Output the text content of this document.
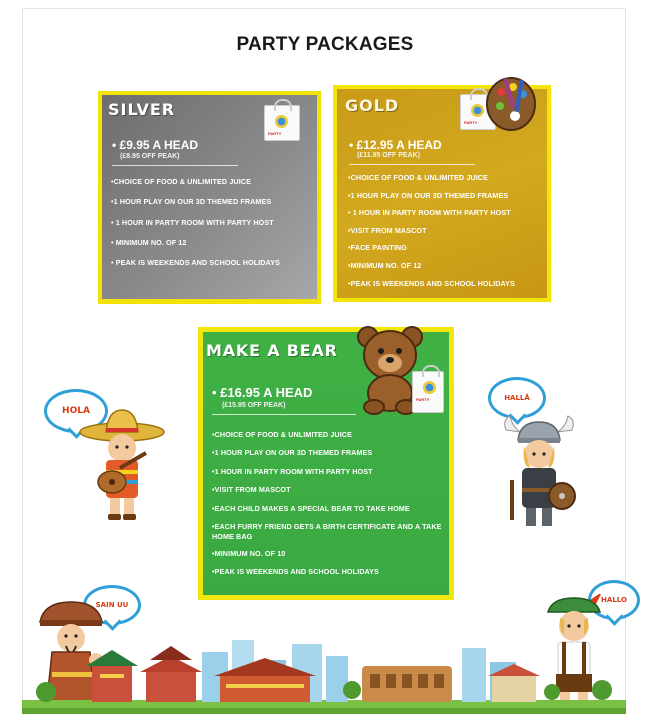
PARTY PACKAGES
SILVER
PARTY
• £9.95 A HEAD
(£8.95 OFF PEAK)
•CHOICE OF FOOD & UNLIMITED JUICE
•1 HOUR PLAY ON OUR 3D THEMED FRAMES
• 1 HOUR IN PARTY ROOM WITH PARTY HOST
• MINIMUM NO. OF 12
• PEAK IS WEEKENDS AND SCHOOL HOLIDAYS
GOLD
PARTY
• £12.95 A HEAD
(£11.95 OFF PEAK)
•CHOICE OF FOOD & UNLIMITED JUICE
•1 HOUR PLAY ON OUR 3D THEMED FRAMES
• 1 HOUR IN PARTY ROOM WITH PARTY HOST
•VISIT FROM MASCOT
•FACE PAINTING
•MINIMUM NO. OF 12
•PEAK IS WEEKENDS AND SCHOOL HOLIDAYS
MAKE A BEAR
PARTY
• £16.95 A HEAD
(£15.95 OFF PEAK)
•CHOICE OF FOOD & UNLIMITED JUICE
•1 HOUR PLAY ON OUR 3D THEMED FRAMES
•1 HOUR IN PARTY ROOM WITH PARTY HOST
•VISIT FROM MASCOT
•EACH CHILD MAKES A SPECIAL BEAR TO TAKE HOME
•EACH FURRY FRIEND GETS A BIRTH CERTIFICATE AND A TAKE HOME BAG
•MINIMUM NO. OF 10
•PEAK IS WEEKENDS AND SCHOOL HOLIDAYS
HOLA
HALLÅ
SAIN UU
HALLO
